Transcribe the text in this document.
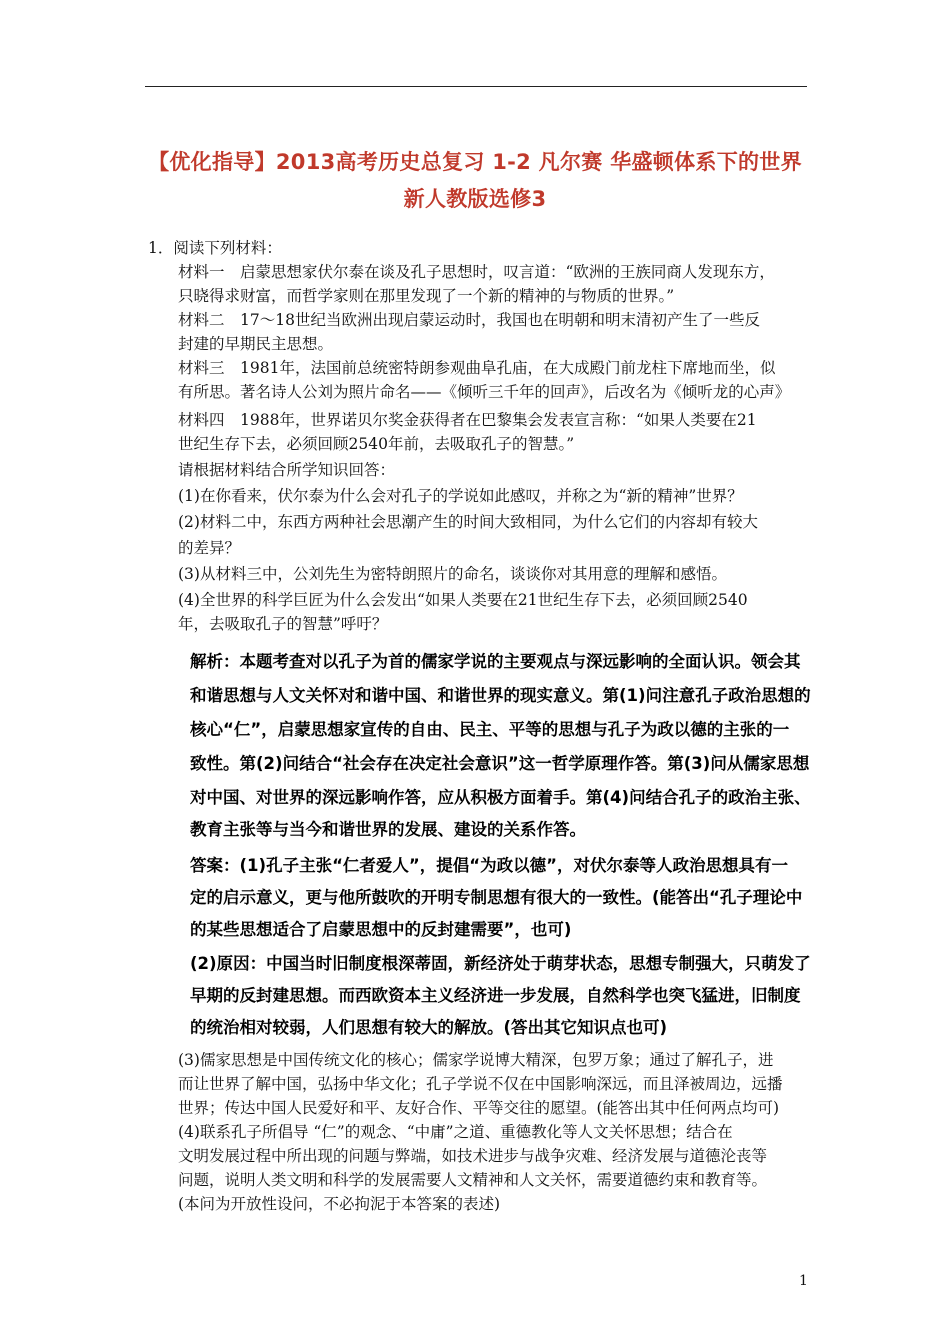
【优化指导】2013高考历史总复习 1-2 凡尔赛 华盛顿体系下的世界
新人教版选修3
1．阅读下列材料：
材料一　启蒙思想家伏尔泰在谈及孔子思想时，叹言道：“欧洲的王族同商人发现东方，
只晓得求财富，而哲学家则在那里发现了一个新的精神的与物质的世界。”
材料二　17～18世纪当欧洲出现启蒙运动时，我国也在明朝和明末清初产生了一些反
封建的早期民主思想。
材料三　1981年，法国前总统密特朗参观曲阜孔庙，在大成殿门前龙柱下席地而坐，似
有所思。著名诗人公刘为照片命名——《倾听三千年的回声》，后改名为《倾听龙的心声》
材料四　1988年，世界诺贝尔奖金获得者在巴黎集会发表宣言称：“如果人类要在21
世纪生存下去，必须回顾2540年前，去吸取孔子的智慧。”
请根据材料结合所学知识回答：
(1)在你看来，伏尔泰为什么会对孔子的学说如此感叹，并称之为“新的精神”世界？
(2)材料二中，东西方两种社会思潮产生的时间大致相同，为什么它们的内容却有较大
的差异？
(3)从材料三中，公刘先生为密特朗照片的命名，谈谈你对其用意的理解和感悟。
(4)全世界的科学巨匠为什么会发出“如果人类要在21世纪生存下去，必须回顾2540
年，去吸取孔子的智慧”呼吁？
解析：本题考查对以孔子为首的儒家学说的主要观点与深远影响的全面认识。领会其
和谐思想与人文关怀对和谐中国、和谐世界的现实意义。第(1)问注意孔子政治思想的
核心“仁”，启蒙思想家宣传的自由、民主、平等的思想与孔子为政以德的主张的一
致性。第(2)问结合“社会存在决定社会意识”这一哲学原理作答。第(3)问从儒家思想
对中国、对世界的深远影响作答，应从积极方面着手。第(4)问结合孔子的政治主张、
教育主张等与当今和谐世界的发展、建设的关系作答。
答案：(1)孔子主张“仁者爱人”，提倡“为政以德”，对伏尔泰等人政治思想具有一
定的启示意义，更与他所鼓吹的开明专制思想有很大的一致性。(能答出“孔子理论中
的某些思想适合了启蒙思想中的反封建需要”，也可)
(2)原因：中国当时旧制度根深蒂固，新经济处于萌芽状态，思想专制强大，只萌发了
早期的反封建思想。而西欧资本主义经济进一步发展，自然科学也突飞猛进，旧制度
的统治相对较弱，人们思想有较大的解放。(答出其它知识点也可)
(3)儒家思想是中国传统文化的核心；儒家学说博大精深，包罗万象；通过了解孔子，进
而让世界了解中国，弘扬中华文化；孔子学说不仅在中国影响深远，而且泽被周边，远播
世界；传达中国人民爱好和平、友好合作、平等交往的愿望。(能答出其中任何两点均可)
(4)联系孔子所倡导 “仁”的观念、“中庸”之道、重德教化等人文关怀思想；结合在
文明发展过程中所出现的问题与弊端，如技术进步与战争灾难、经济发展与道德沦丧等
问题，说明人类文明和科学的发展需要人文精神和人文关怀，需要道德约束和教育等。
(本问为开放性设问，不必拘泥于本答案的表述)
1
